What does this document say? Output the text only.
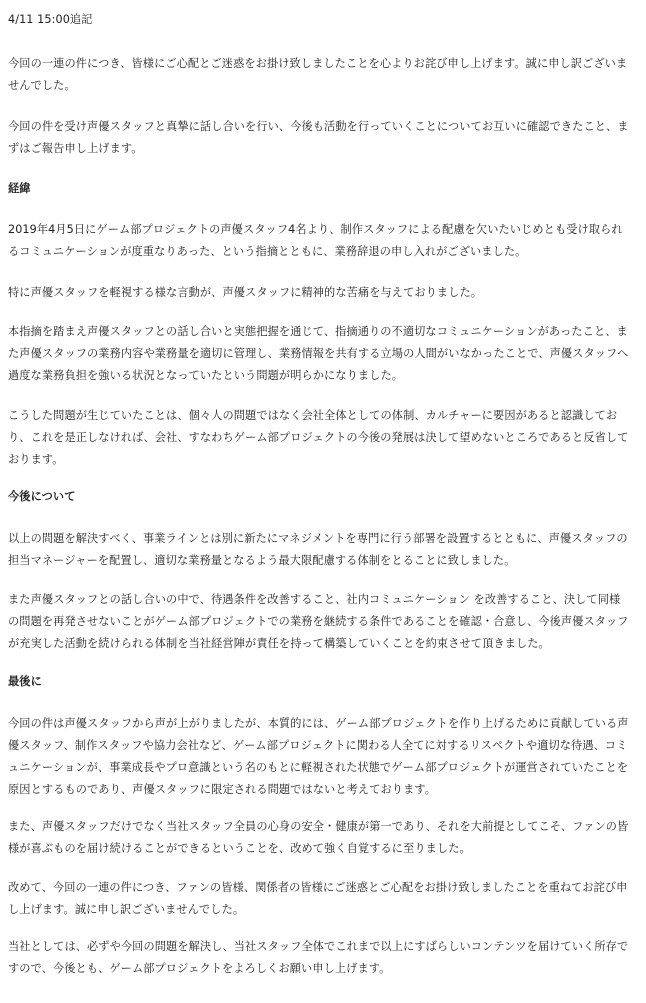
4/11 15:00追記

今回の一連の件につき、皆様にご心配とご迷惑をお掛け致しましたことを心よりお詫び申し上げます。誠に申し訳ございま

せんでした。

今回の件を受け声優スタッフと真摯に話し合いを行い、今後も活動を行っていくことについてお互いに確認できたこと、ま

ずはご報告申し上げます。

経緯

2019年4月5日にゲーム部プロジェクトの声優スタッフ4名より、制作スタッフによる配慮を欠いたいじめとも受け取られ

るコミュニケーションが度重なりあった、という指摘とともに、業務辞退の申し入れがございました。

特に声優スタッフを軽視する様な言動が、声優スタッフに精神的な苦痛を与えておりました。

本指摘を踏まえ声優スタッフとの話し合いと実態把握を通じて、指摘通りの不適切なコミュニケーションがあったこと、ま

た声優スタッフの業務内容や業務量を適切に管理し、業務情報を共有する立場の人間がいなかったことで、声優スタッフへ

過度な業務負担を強いる状況となっていたという問題が明らかになりました。

こうした問題が生じていたことは、個々人の問題ではなく会社全体としての体制、カルチャーに要因があると認識してお

り、これを是正しなければ、会社、すなわちゲーム部プロジェクトの今後の発展は決して望めないところであると反省して

おります。

今後について

以上の問題を解決すべく、事業ラインとは別に新たにマネジメントを専門に行う部署を設置するとともに、声優スタッフの

担当マネージャーを配置し、適切な業務量となるよう最大限配慮する体制をとることに致しました。

また声優スタッフとの話し合いの中で、待遇条件を改善すること、社内コミュニケーション を改善すること、決して同様

の問題を再発させないことがゲーム部プロジェクトでの業務を継続する条件であることを確認・合意し、今後声優スタッフ

が充実した活動を続けられる体制を当社経営陣が責任を持って構築していくことを約束させて頂きました。

最後に

今回の件は声優スタッフから声が上がりましたが、本質的には、ゲーム部プロジェクトを作り上げるために貢献している声

優スタッフ、制作スタッフや協力会社など、ゲーム部プロジェクトに関わる人全てに対するリスペクトや適切な待遇、コミ

ュニケーションが、事業成長やプロ意識という名のもとに軽視された状態でゲーム部プロジェクトが運営されていたことを

原因とするものであり、声優スタッフに限定される問題ではないと考えております。

また、声優スタッフだけでなく当社スタッフ全員の心身の安全・健康が第一であり、それを大前提としてこそ、ファンの皆

様が喜ぶものを届け続けることができるということを、改めて強く自覚するに至りました。

改めて、今回の一連の件につき、ファンの皆様、関係者の皆様にご迷惑とご心配をお掛け致しましたことを重ねてお詫び申

し上げます。誠に申し訳ございませんでした。

当社としては、必ずや今回の問題を解決し、当社スタッフ全体でこれまで以上にすばらしいコンテンツを届けていく所存で

すので、今後とも、ゲーム部プロジェクトをよろしくお願い申し上げます。
